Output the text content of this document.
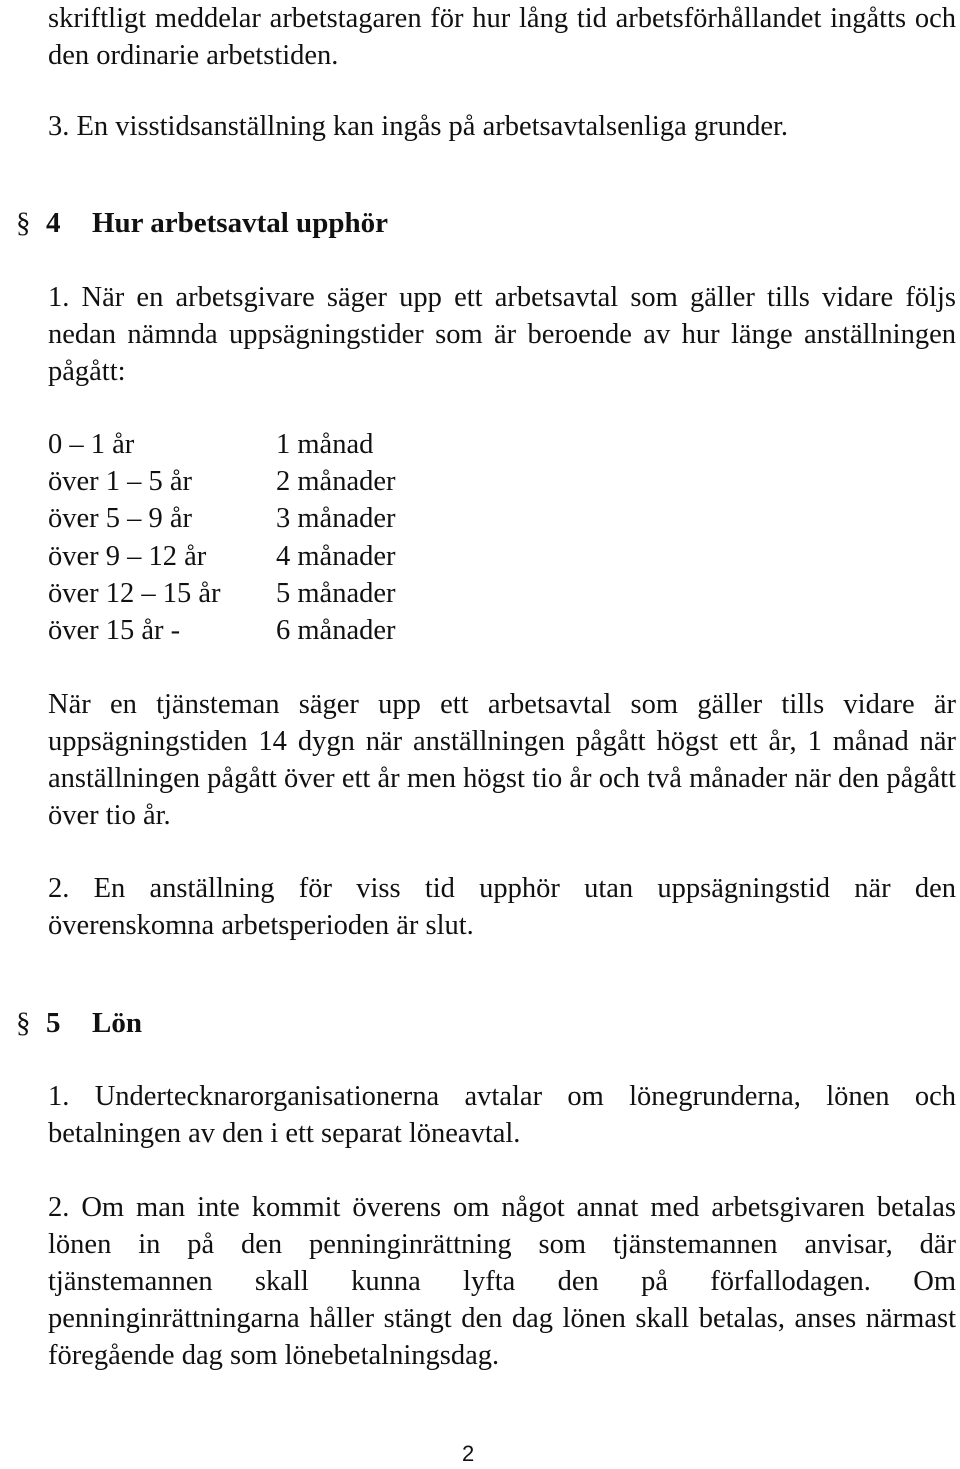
skriftligt meddelar arbetstagaren för hur lång tid arbetsförhållandet ingåtts och den ordinarie arbetstiden.

3. En visstidsanställning kan ingås på arbetsavtalsenliga grunder.

§ 4 Hur arbetsavtal upphör

1. När en arbetsgivare säger upp ett arbetsavtal som gäller tills vidare följs nedan nämnda uppsägningstider som är beroende av hur länge anställningen pågått:

0 – 1 år	1 månad
över 1 – 5 år	2 månader
över 5 – 9 år	3 månader
över 9 – 12 år	4 månader
över 12 – 15 år	5 månader
över 15 år -	6 månader

När en tjänsteman säger upp ett arbetsavtal som gäller tills vidare är uppsägningstiden 14 dygn när anställningen pågått högst ett år, 1 månad när anställningen pågått över ett år men högst tio år och två månader när den pågått över tio år.

2. En anställning för viss tid upphör utan uppsägningstid när den överenskomna arbetsperioden är slut.

§ 5 Lön

1. Undertecknarorganisationerna avtalar om lönegrunderna, lönen och betalningen av den i ett separat löneavtal.

2. Om man inte kommit överens om något annat med arbetsgivaren betalas lönen in på den penninginrättning som tjänstemannen anvisar, där tjänstemannen skall kunna lyfta den på förfallodagen. Om penninginrättningarna håller stängt den dag lönen skall betalas, anses närmast föregående dag som lönebetalningsdag.

2
